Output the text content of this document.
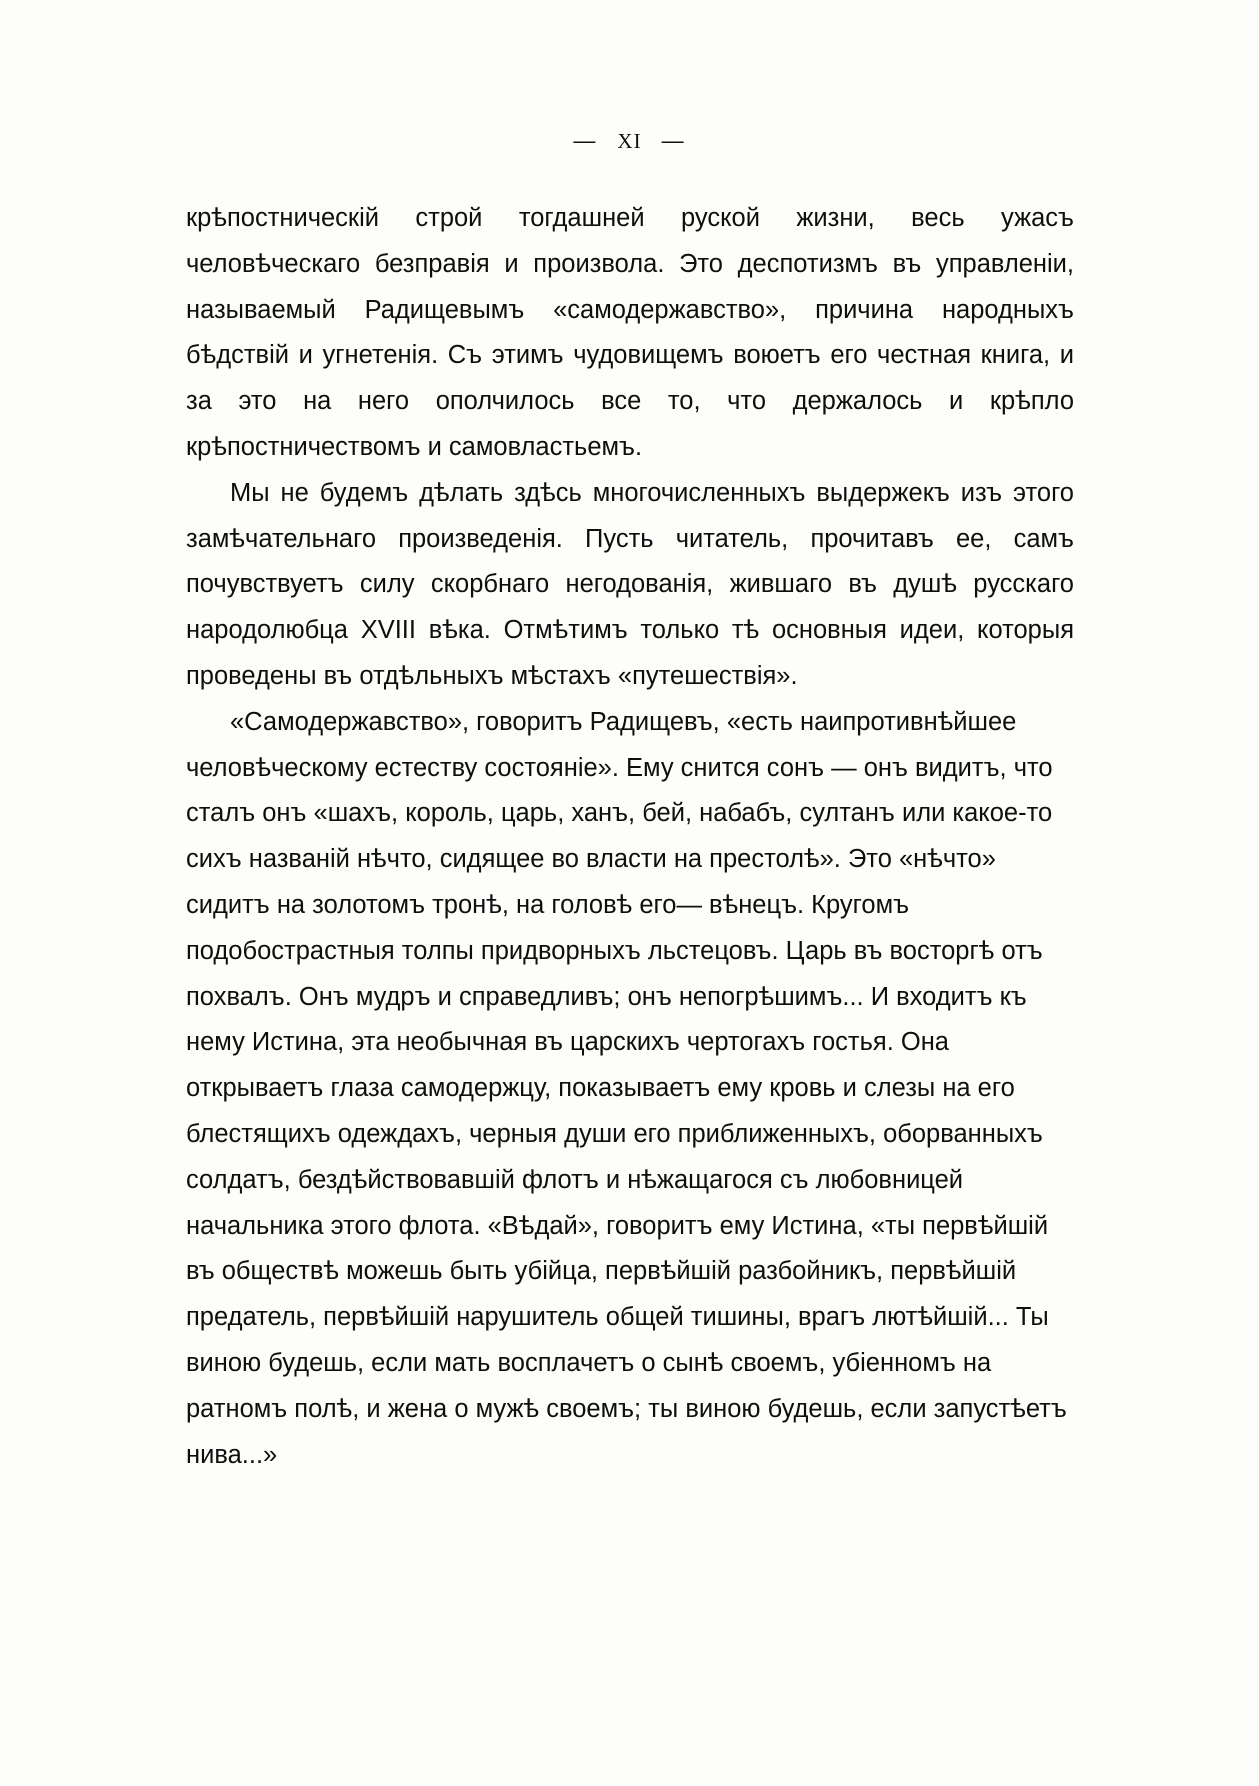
— XI —

крѣпостническій строй тогдашней руской жизни, весь ужасъ человѣческаго безправія и произвола. Это деспотизмъ въ управленіи, называемый Радищевымъ «самодержавство», причина народныхъ бѣдствій и угнетенія. Съ этимъ чудовищемъ воюетъ его честная книга, и за это на него ополчилось все то, что держалось и крѣпло крѣпостничествомъ и самовластьемъ.

Мы не будемъ дѣлать здѣсь многочисленныхъ выдержекъ изъ этого замѣчательнаго произведенія. Пусть читатель, прочитавъ ее, самъ почувствуетъ силу скорбнаго негодованія, жившаго въ душѣ русскаго народолюбца XVIII вѣка. Отмѣтимъ только тѣ основныя идеи, которыя проведены въ отдѣльныхъ мѣстахъ «путешествія».

«Самодержавство», говоритъ Радищевъ, «есть наипротивнѣйшее человѣческому естеству состояніе». Ему снится сонъ — онъ видитъ, что сталъ онъ «шахъ, король, царь, ханъ, бей, набабъ, султанъ или какое-то сихъ названій нѣчто, сидящее во власти на престолѣ». Это «нѣчто» сидитъ на золотомъ тронѣ, на головѣ его— вѣнецъ. Кругомъ подобострастныя толпы придворныхъ льстецовъ. Царь въ восторгѣ отъ похвалъ. Онъ мудръ и справедливъ; онъ непогрѣшимъ... И входитъ къ нему Истина, эта необычная въ царскихъ чертогахъ гостья. Она открываетъ глаза самодержцу, показываетъ ему кровь и слезы на его блестящихъ одеждахъ, черныя души его приближенныхъ, оборванныхъ солдатъ, бездѣйствовавшій флотъ и нѣжащагося съ любовницей начальника этого флота. «Вѣдай», говоритъ ему Истина, «ты первѣйшій въ обществѣ можешь быть убійца, первѣйшій разбойникъ, первѣйшій предатель, первѣйшій нарушитель общей тишины, врагъ лютѣйшій... Ты виною будешь, если мать восплачетъ о сынѣ своемъ, убіенномъ на ратномъ полѣ, и жена о мужѣ своемъ; ты виною будешь, если запустѣетъ нива...»
